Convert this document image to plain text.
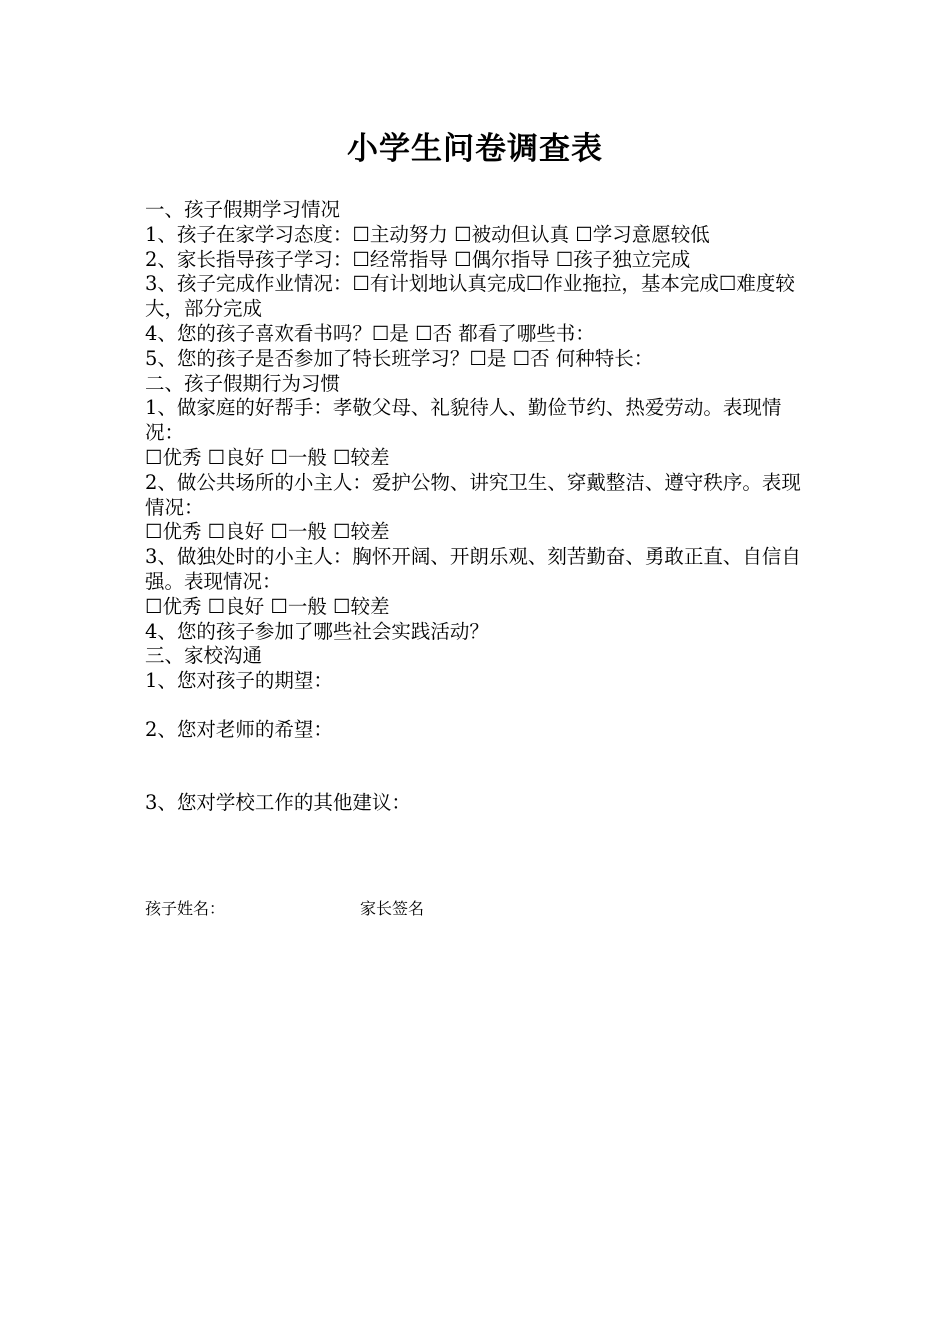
小学生问卷调查表
一、孩子假期学习情况
1、孩子在家学习态度：☐主动努力 ☐被动但认真 ☐学习意愿较低
2、家长指导孩子学习：☐经常指导 ☐偶尔指导 ☐孩子独立完成
3、孩子完成作业情况：☐有计划地认真完成☐作业拖拉，基本完成☐难度较大，部分完成
4、您的孩子喜欢看书吗？☐是 ☐否 都看了哪些书：
5、您的孩子是否参加了特长班学习？☐是 ☐否 何种特长：
二、孩子假期行为习惯
1、做家庭的好帮手：孝敬父母、礼貌待人、勤俭节约、热爱劳动。表现情况：
☐优秀 ☐良好 ☐一般 ☐较差
2、做公共场所的小主人：爱护公物、讲究卫生、穿戴整洁、遵守秩序。表现情况：
☐优秀 ☐良好 ☐一般 ☐较差
3、做独处时的小主人：胸怀开阔、开朗乐观、刻苦勤奋、勇敢正直、自信自强。表现情况：
☐优秀 ☐良好 ☐一般 ☐较差
4、您的孩子参加了哪些社会实践活动？
三、家校沟通
1、您对孩子的期望：
2、您对老师的希望：
3、您对学校工作的其他建议：
孩子姓名：	家长签名
